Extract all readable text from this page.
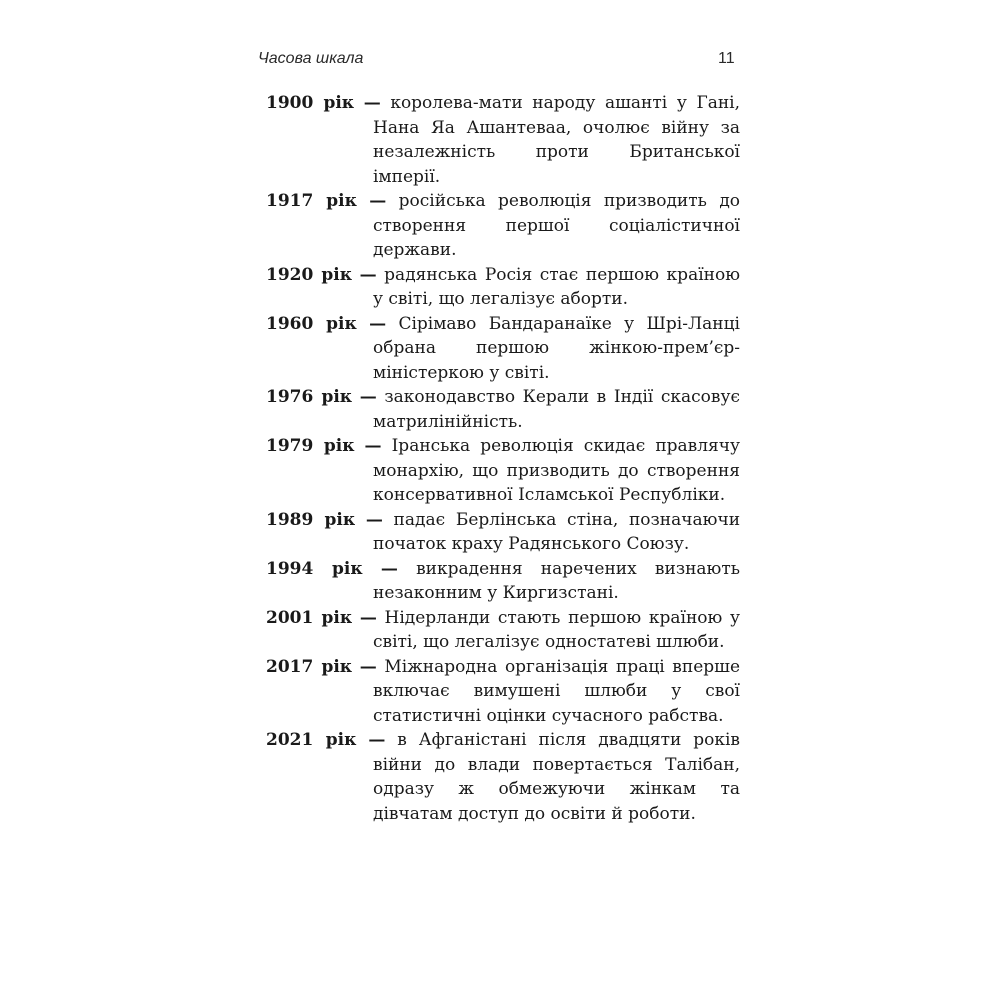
Часова шкала	11

1900 рік — королева-мати народу ашанті у Гані, Нана Яа Ашантеваа, очолює війну за незалежність проти Британської імперії.

1917 рік — російська революція призводить до створення першої соціалістичної держави.

1920 рік — радянська Росія стає першою країною у світі, що легалізує аборти.

1960 рік — Сірімаво Бандаранаїке у Шрі-Ланці обрана першою жінкою-прем’єр-міністеркою у світі.

1976 рік — законодавство Керали в Індії скасовує матрилінійність.

1979 рік — Іранська революція скидає правлячу монархію, що призводить до створення консервативної Ісламської Республіки.

1989 рік — падає Берлінська стіна, позначаючи початок краху Радянського Союзу.

1994 рік — викрадення наречених визнають незаконним у Киргизстані.

2001 рік — Нідерланди стають першою країною у світі, що легалізує одностатеві шлюби.

2017 рік — Міжнародна організація праці вперше включає вимушені шлюби у свої статистичні оцінки сучасного рабства.

2021 рік — в Афганістані після двадцяти років війни до влади повертається Талібан, одразу ж обмежуючи жінкам та дівчатам доступ до освіти й роботи.
